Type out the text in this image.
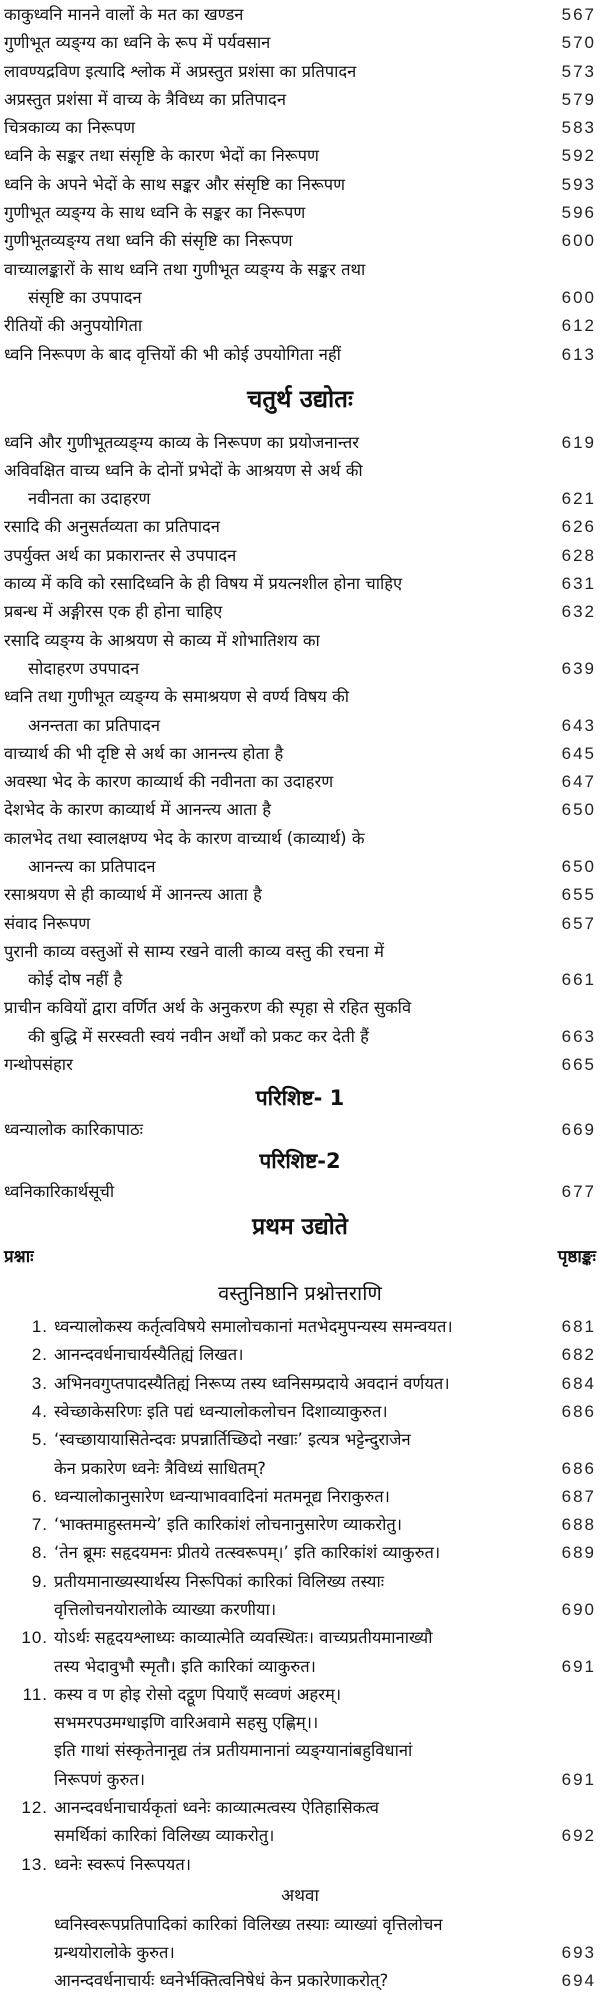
काकुध्वनि मानने वालों के मत का खण्डन	567
गुणीभूत व्यङ्ग्य का ध्वनि के रूप में पर्यवसान	570
लावण्यद्रविण इत्यादि श्लोक में अप्रस्तुत प्रशंसा का प्रतिपादन	573
अप्रस्तुत प्रशंसा में वाच्य के त्रैविध्य का प्रतिपादन	579
चित्रकाव्य का निरूपण	583
ध्वनि के सङ्कर तथा संसृष्टि के कारण भेदों का निरूपण	592
ध्वनि के अपने भेदों के साथ सङ्कर और संसृष्टि का निरूपण	593
गुणीभूत व्यङ्ग्य के साथ ध्वनि के सङ्कर का निरूपण	596
गुणीभूतव्यङ्ग्य तथा ध्वनि की संसृष्टि का निरूपण	600
वाच्यालङ्कारों के साथ ध्वनि तथा गुणीभूत व्यङ्ग्य के सङ्कर तथा
संसृष्टि का उपपादन	600
रीतियों की अनुपयोगिता	612
ध्वनि निरूपण के बाद वृत्तियों की भी कोई उपयोगिता नहीं	613
चतुर्थ उद्योतः
ध्वनि और गुणीभूतव्यङ्ग्य काव्य के निरूपण का प्रयोजनान्तर	619
अविवक्षित वाच्य ध्वनि के दोनों प्रभेदों के आश्रयण से अर्थ की
नवीनता का उदाहरण	621
रसादि की अनुसर्तव्यता का प्रतिपादन	626
उपर्युक्त अर्थ का प्रकारान्तर से उपपादन	628
काव्य में कवि को रसादिध्वनि के ही विषय में प्रयत्नशील होना चाहिए	631
प्रबन्ध में अङ्गीरस एक ही होना चाहिए	632
रसादि व्यङ्ग्य के आश्रयण से काव्य में शोभातिशय का
सोदाहरण उपपादन	639
ध्वनि तथा गुणीभूत व्यङ्ग्य के समाश्रयण से वर्ण्य विषय की
अनन्तता का प्रतिपादन	643
वाच्यार्थ की भी दृष्टि से अर्थ का आनन्त्य होता है	645
अवस्था भेद के कारण काव्यार्थ की नवीनता का उदाहरण	647
देशभेद के कारण काव्यार्थ में आनन्त्य आता है	650
कालभेद तथा स्वालक्षण्य भेद के कारण वाच्यार्थ (काव्यार्थ) के
आनन्त्य का प्रतिपादन	650
रसाश्रयण से ही काव्यार्थ में आनन्त्य आता है	655
संवाद निरूपण	657
पुरानी काव्य वस्तुओं से साम्य रखने वाली काव्य वस्तु की रचना में
कोई दोष नहीं है	661
प्राचीन कवियों द्वारा वर्णित अर्थ के अनुकरण की स्पृहा से रहित सुकवि
की बुद्धि में सरस्वती स्वयं नवीन अर्थों को प्रकट कर देती हैं	663
गन्थोपसंहार	665
परिशिष्ट- 1
ध्वन्यालोक कारिकापाठः	669
परिशिष्ट-2
ध्वनिकारिकार्थसूची	677
प्रथम उद्योते
प्रश्नाः	पृष्ठाङ्कः
वस्तुनिष्ठानि प्रश्नोत्तराणि
1. ध्वन्यालोकस्य कर्तृत्वविषये समालोचकानां मतभेदमुपन्यस्य समन्वयत।	681
2. आनन्दवर्धनाचार्यस्यैतिह्यं लिखत।	682
3. अभिनवगुप्तपादस्यैतिह्यं निरूप्य तस्य ध्वनिसम्प्रदाये अवदानं वर्णयत।	684
4. स्वेच्छाकेसरिणः इति पद्यं ध्वन्यालोकलोचन दिशाव्याकुरुत।	686
5. ‘स्वच्छायायासितेन्दवः प्रपन्नार्तिच्छिदो नखाः’ इत्यत्र भट्टेन्दुराजेन
केन प्रकारेण ध्वनेः त्रैविध्यं साधितम्?	686
6. ध्वन्यालोकानुसारेण ध्वन्याभाववादिनां मतमनूद्य निराकुरुत।	687
7. ‘भाक्तमाहुस्तमन्ये’ इति कारिकांशं लोचनानुसारेण व्याकरोतु।	688
8. ‘तेन ब्रूमः सहृदयमनः प्रीतये तत्स्वरूपम्।’ इति कारिकांशं व्याकुरुत।	689
9. प्रतीयमानाख्यस्यार्थस्य निरूपिकां कारिकां विलिख्य तस्याः
वृत्तिलोचनयोरालोके व्याख्या करणीया।	690
10. योऽर्थः सहृदयश्लाध्यः काव्यात्मेति व्यवस्थितः। वाच्यप्रतीयमानाख्यौ
तस्य भेदावुभौ स्मृतौ। इति कारिकां व्याकुरुत।	691
11. कस्य व ण होइ रोसो दट्ठूण पियाएँ सव्वणं अहरम्।
सभमरपउमग्धाइणि वारिअवामे सहसु एह्णिम्।।
इति गाथां संस्कृतेनानूद्य तंत्र प्रतीयमानानां व्यङ्ग्यानांबहुविधानां
निरूपणं कुरुत।	691
12. आनन्दवर्धनाचार्यकृतां ध्वनेः काव्यात्मत्वस्य ऐतिहासिकत्व
समर्थिकां कारिकां विलिख्य व्याकरोतु।	692
13. ध्वनेः स्वरूपं निरूपयत।
अथवा
ध्वनिस्वरूपप्रतिपादिकां कारिकां विलिख्य तस्याः व्याख्यां वृत्तिलोचन
ग्रन्थयोरालोके कुरुत।	693
आनन्दवर्धनाचार्यः ध्वनेर्भक्तित्वनिषेधं केन प्रकारेणाकरोत्?	694
